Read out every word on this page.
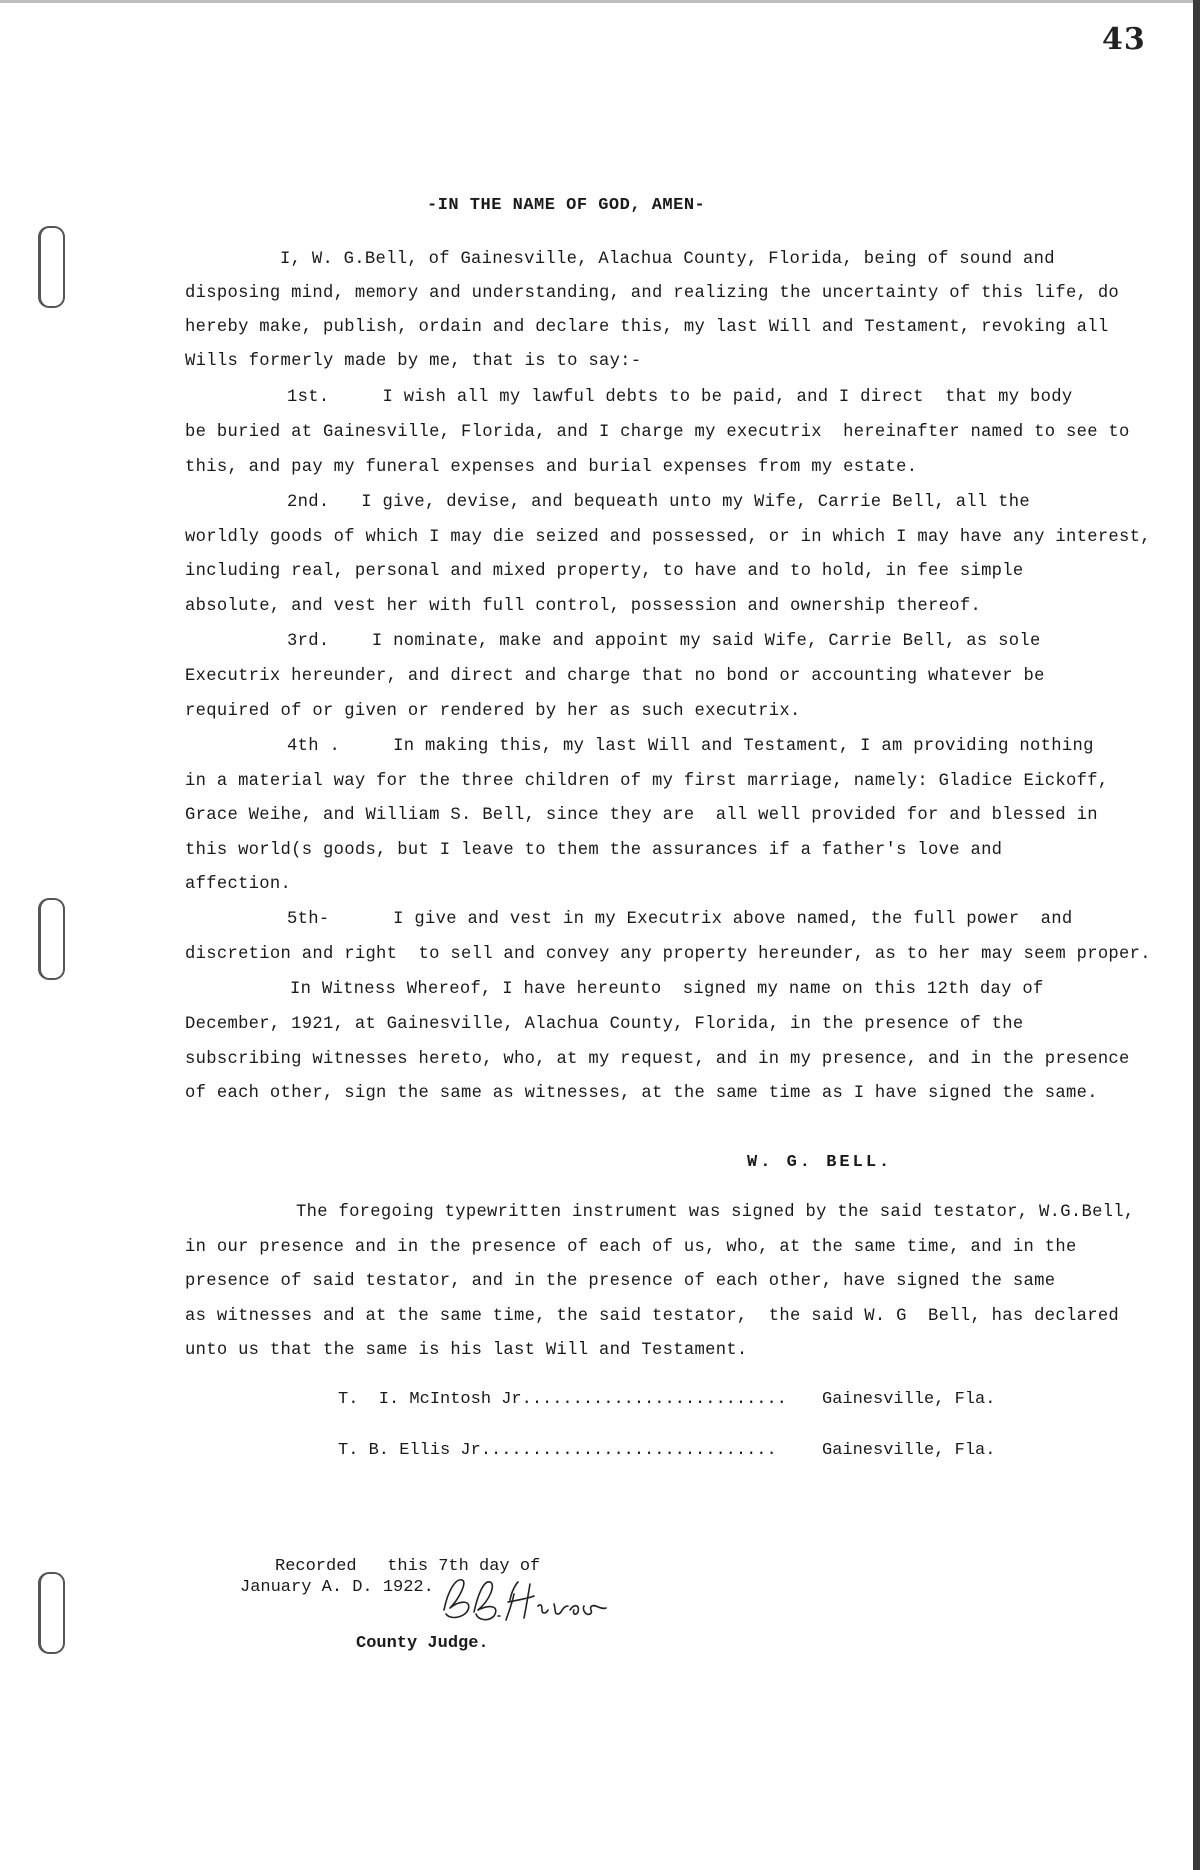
43
-IN THE NAME OF GOD, AMEN-
I, W. G.Bell, of Gainesville, Alachua County, Florida, being of sound and
disposing mind, memory and understanding, and realizing the uncertainty of this life, do
hereby make, publish, ordain and declare this, my last Will and Testament, revoking all
Wills formerly made by me, that is to say:-
1st.     I wish all my lawful debts to be paid, and I direct  that my body
be buried at Gainesville, Florida, and I charge my executrix  hereinafter named to see to
this, and pay my funeral expenses and burial expenses from my estate.
2nd.   I give, devise, and bequeath unto my Wife, Carrie Bell, all the
worldly goods of which I may die seized and possessed, or in which I may have any interest,
including real, personal and mixed property, to have and to hold, in fee simple
absolute, and vest her with full control, possession and ownership thereof.
3rd.    I nominate, make and appoint my said Wife, Carrie Bell, as sole
Executrix hereunder, and direct and charge that no bond or accounting whatever be
required of or given or rendered by her as such executrix.
4th .     In making this, my last Will and Testament, I am providing nothing
in a material way for the three children of my first marriage, namely: Gladice Eickoff,
Grace Weihe, and William S. Bell, since they are  all well provided for and blessed in
this world(s goods, but I leave to them the assurances if a father's love and
affection.
5th-      I give and vest in my Executrix above named, the full power  and
discretion and right  to sell and convey any property hereunder, as to her may seem proper.
In Witness Whereof, I have hereunto  signed my name on this 12th day of
December, 1921, at Gainesville, Alachua County, Florida, in the presence of the
subscribing witnesses hereto, who, at my request, and in my presence, and in the presence
of each other, sign the same as witnesses, at the same time as I have signed the same.
W. G. BELL.
The foregoing typewritten instrument was signed by the said testator, W.G.Bell,
in our presence and in the presence of each of us, who, at the same time, and in the
presence of said testator, and in the presence of each other, have signed the same
as witnesses and at the same time, the said testator,  the said W. G  Bell, has declared
unto us that the same is his last Will and Testament.
T.  I. McIntosh Jr.......................... Gainesville, Fla.
T. B. Ellis Jr.............................	Gainesville, Fla.
Recorded   this 7th day of
January A. D. 1922.
County Judge.
